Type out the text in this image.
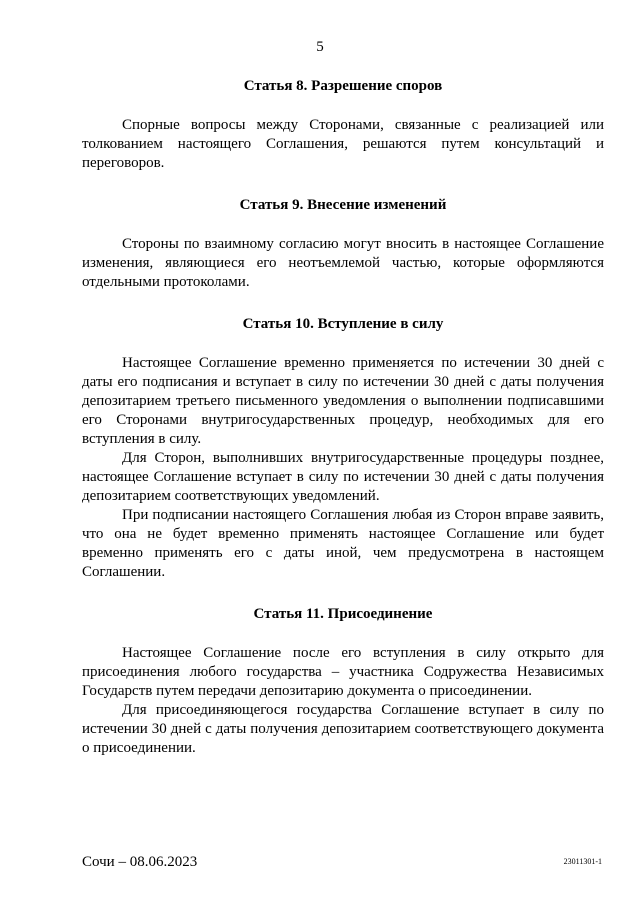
5

Статья 8. Разрешение споров

Спорные вопросы между Сторонами, связанные с реализацией или толкованием настоящего Соглашения, решаются путем консультаций и переговоров.

Статья 9. Внесение изменений

Стороны по взаимному согласию могут вносить в настоящее Соглашение изменения, являющиеся его неотъемлемой частью, которые оформляются отдельными протоколами.

Статья 10. Вступление в силу

Настоящее Соглашение временно применяется по истечении 30 дней с даты его подписания и вступает в силу по истечении 30 дней с даты получения депозитарием третьего письменного уведомления о выполнении подписавшими его Сторонами внутригосударственных процедур, необходимых для его вступления в силу.

Для Сторон, выполнивших внутригосударственные процедуры позднее, настоящее Соглашение вступает в силу по истечении 30 дней с даты получения депозитарием соответствующих уведомлений.

При подписании настоящего Соглашения любая из Сторон вправе заявить, что она не будет временно применять настоящее Соглашение или будет временно применять его с даты иной, чем предусмотрена в настоящем Соглашении.

Статья 11. Присоединение

Настоящее Соглашение после его вступления в силу открыто для присоединения любого государства – участника Содружества Независимых Государств путем передачи депозитарию документа о присоединении.

Для присоединяющегося государства Соглашение вступает в силу по истечении 30 дней с даты получения депозитарием соответствующего документа о присоединении.

Сочи – 08.06.2023	23011301-1
